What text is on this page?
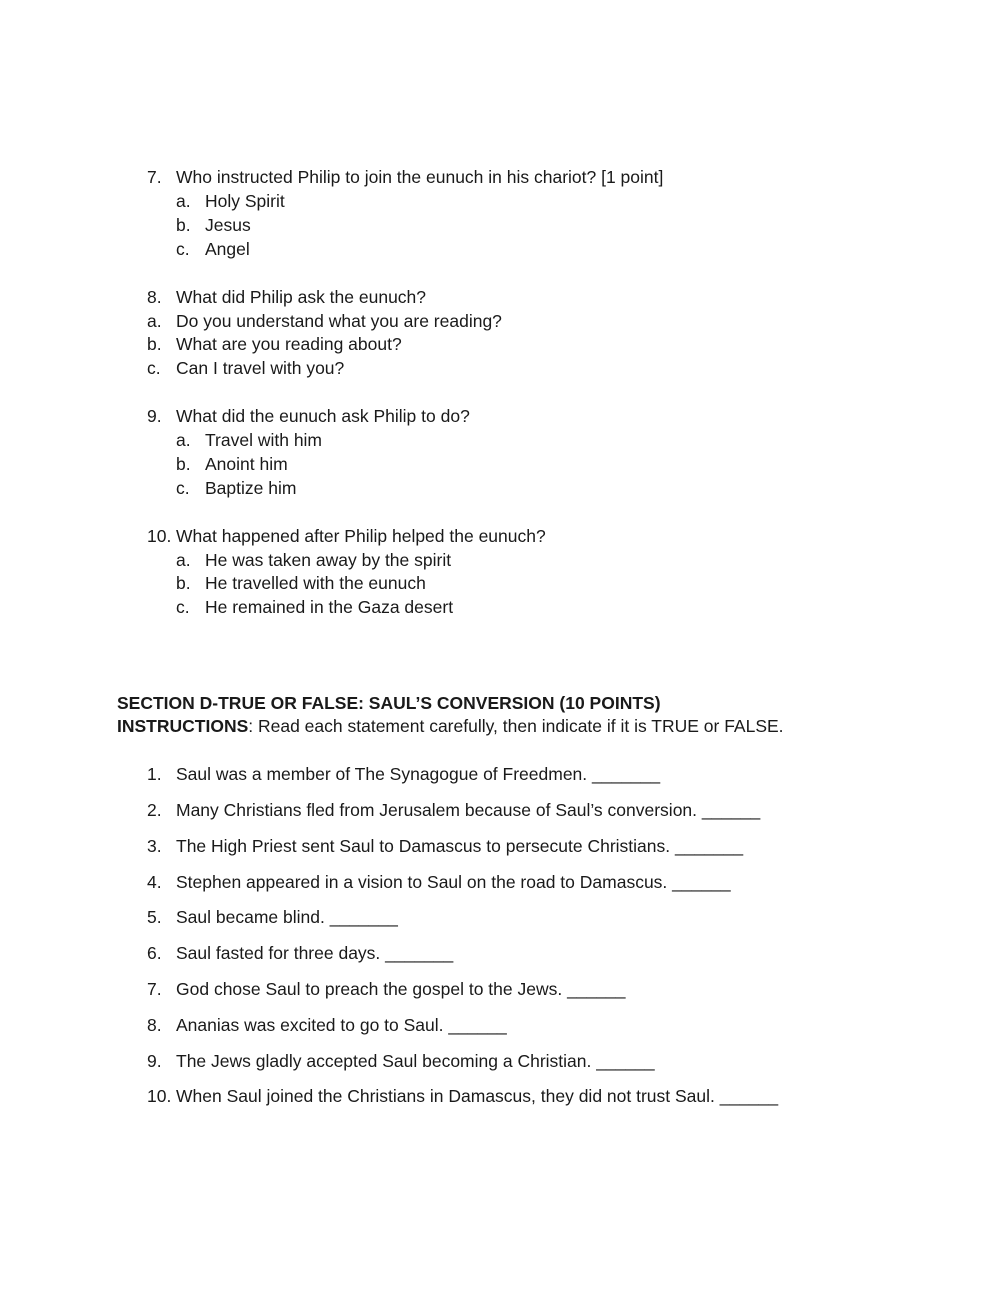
7. Who instructed Philip to join the eunuch in his chariot? [1 point]
a. Holy Spirit
b. Jesus
c. Angel
8. What did Philip ask the eunuch?
a. Do you understand what you are reading?
b. What are you reading about?
c. Can I travel with you?
9. What did the eunuch ask Philip to do?
a. Travel with him
b. Anoint him
c. Baptize him
10. What happened after Philip helped the eunuch?
a. He was taken away by the spirit
b. He travelled with the eunuch
c. He remained in the Gaza desert
SECTION D-TRUE OR FALSE: SAUL’S CONVERSION (10 POINTS)
INSTRUCTIONS: Read each statement carefully, then indicate if it is TRUE or FALSE.
1. Saul was a member of The Synagogue of Freedmen. _______
2. Many Christians fled from Jerusalem because of Saul’s conversion. ______
3. The High Priest sent Saul to Damascus to persecute Christians. _______
4. Stephen appeared in a vision to Saul on the road to Damascus. ______
5. Saul became blind. _______
6. Saul fasted for three days. _______
7. God chose Saul to preach the gospel to the Jews. ______
8. Ananias was excited to go to Saul. ______
9. The Jews gladly accepted Saul becoming a Christian. ______
10. When Saul joined the Christians in Damascus, they did not trust Saul. ______
